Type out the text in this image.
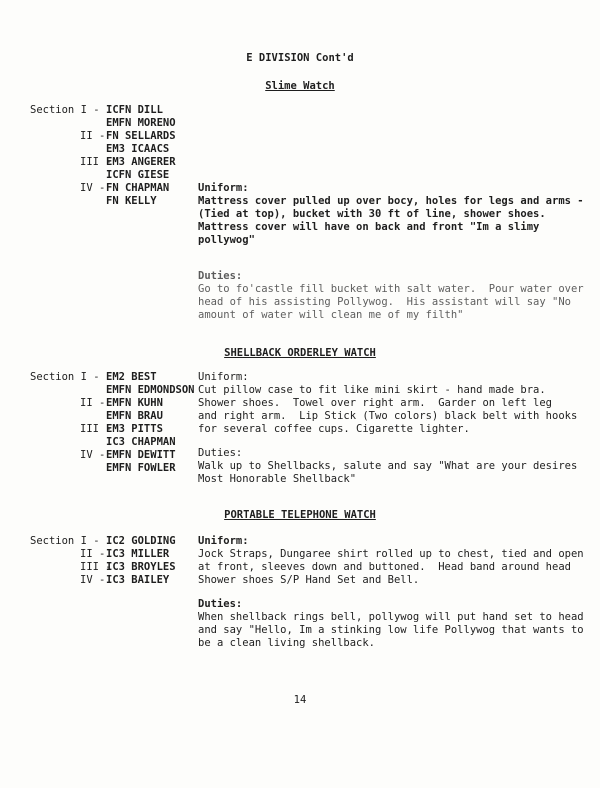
E DIVISION Cont'd
Slime Watch
Section I -
II -
III -
IV -
ICFN DILL
EMFN MORENO
FN SELLARDS
EM3 ICAACS
EM3 ANGERER
ICFN GIESE
FN CHAPMAN
FN KELLY
Uniform:
Mattress cover pulled up over bocy, holes for legs and arms -
(Tied at top), bucket with 30 ft of line, shower shoes.
Mattress cover will have on back and front "Im a slimy
pollywog"
Duties:
Go to fo'castle fill bucket with salt water.  Pour water over
head of his assisting Pollywog.  His assistant will say "No
amount of water will clean me of my filth"
SHELLBACK ORDERLEY WATCH
Section I -
II -
III -
IV -
EM2 BEST
EMFN EDMONDSON
EMFN KUHN
EMFN BRAU
EM3 PITTS
IC3 CHAPMAN
EMFN DEWITT
EMFN FOWLER
Uniform:
Cut pillow case to fit like mini skirt - hand made bra.
Shower shoes.  Towel over right arm.  Garder on left leg
and right arm.  Lip Stick (Two colors) black belt with hooks
for several coffee cups. Cigarette lighter.
Duties:
Walk up to Shellbacks, salute and say "What are your desires
Most Honorable Shellback"
PORTABLE TELEPHONE WATCH
Section I -
II -
III -
IV -
IC2 GOLDING
IC3 MILLER
IC3 BROYLES
IC3 BAILEY
Uniform:
Jock Straps, Dungaree shirt rolled up to chest, tied and open
at front, sleeves down and buttoned.  Head band around head
Shower shoes S/P Hand Set and Bell.
Duties:
When shellback rings bell, pollywog will put hand set to head
and say "Hello, Im a stinking low life Pollywog that wants to
be a clean living shellback.
14
